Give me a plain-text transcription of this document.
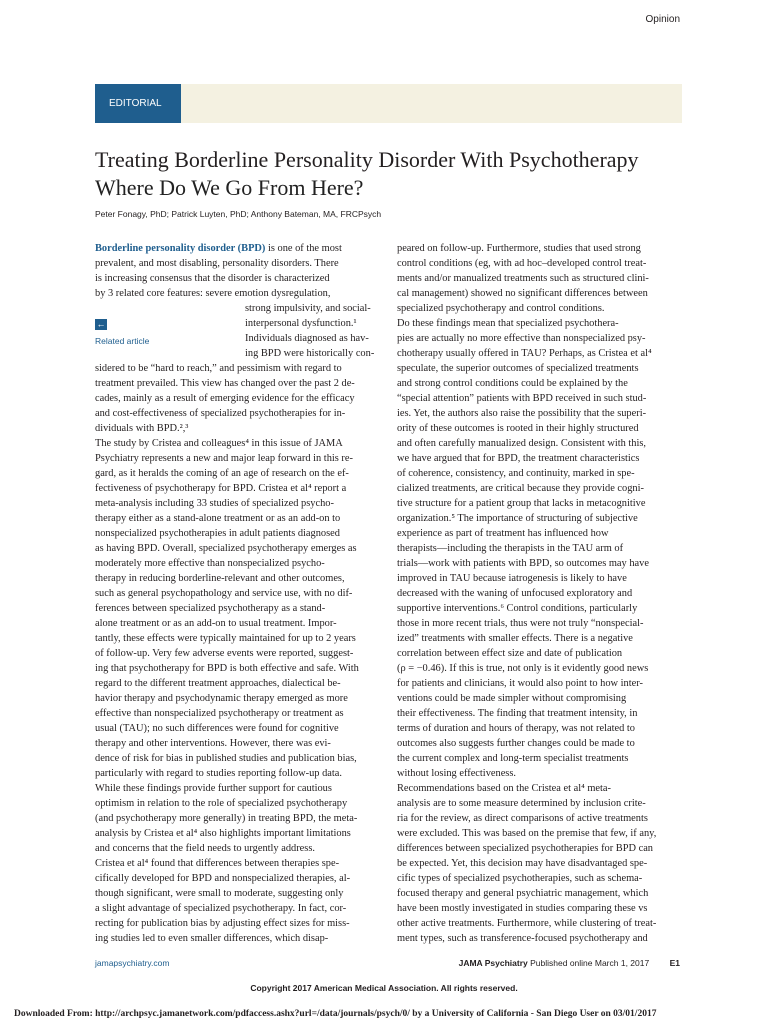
Opinion
EDITORIAL
Treating Borderline Personality Disorder With Psychotherapy
Where Do We Go From Here?
Peter Fonagy, PhD; Patrick Luyten, PhD; Anthony Bateman, MA, FRCPsych
←
Related article
Borderline personality disorder (BPD) is one of the most
prevalent, and most disabling, personality disorders. There
is increasing consensus that the disorder is characterized
by 3 related core features: severe emotion dysregulation,
strong impulsivity, and social-
interpersonal dysfunction.¹
Individuals diagnosed as hav-
ing BPD were historically con-
sidered to be “hard to reach,” and pessimism with regard to
treatment prevailed. This view has changed over the past 2 de-
cades, mainly as a result of emerging evidence for the efficacy
and cost-effectiveness of specialized psychotherapies for in-
dividuals with BPD.²,³
The study by Cristea and colleagues⁴ in this issue of JAMA
Psychiatry represents a new and major leap forward in this re-
gard, as it heralds the coming of an age of research on the ef-
fectiveness of psychotherapy for BPD. Cristea et al⁴ report a
meta-analysis including 33 studies of specialized psycho-
therapy either as a stand-alone treatment or as an add-on to
nonspecialized psychotherapies in adult patients diagnosed
as having BPD. Overall, specialized psychotherapy emerges as
moderately more effective than nonspecialized psycho-
therapy in reducing borderline-relevant and other outcomes,
such as general psychopathology and service use, with no dif-
ferences between specialized psychotherapy as a stand-
alone treatment or as an add-on to usual treatment. Impor-
tantly, these effects were typically maintained for up to 2 years
of follow-up. Very few adverse events were reported, suggest-
ing that psychotherapy for BPD is both effective and safe. With
regard to the different treatment approaches, dialectical be-
havior therapy and psychodynamic therapy emerged as more
effective than nonspecialized psychotherapy or treatment as
usual (TAU); no such differences were found for cognitive
therapy and other interventions. However, there was evi-
dence of risk for bias in published studies and publication bias,
particularly with regard to studies reporting follow-up data.
While these findings provide further support for cautious
optimism in relation to the role of specialized psychotherapy
(and psychotherapy more generally) in treating BPD, the meta-
analysis by Cristea et al⁴ also highlights important limitations
and concerns that the field needs to urgently address.
Cristea et al⁴ found that differences between therapies spe-
cifically developed for BPD and nonspecialized therapies, al-
though significant, were small to moderate, suggesting only
a slight advantage of specialized psychotherapy. In fact, cor-
recting for publication bias by adjusting effect sizes for miss-
ing studies led to even smaller differences, which disap-
peared on follow-up. Furthermore, studies that used strong
control conditions (eg, with ad hoc–developed control treat-
ments and/or manualized treatments such as structured clini-
cal management) showed no significant differences between
specialized psychotherapy and control conditions.
Do these findings mean that specialized psychothera-
pies are actually no more effective than nonspecialized psy-
chotherapy usually offered in TAU? Perhaps, as Cristea et al⁴
speculate, the superior outcomes of specialized treatments
and strong control conditions could be explained by the
“special attention” patients with BPD received in such stud-
ies. Yet, the authors also raise the possibility that the superi-
ority of these outcomes is rooted in their highly structured
and often carefully manualized design. Consistent with this,
we have argued that for BPD, the treatment characteristics
of coherence, consistency, and continuity, marked in spe-
cialized treatments, are critical because they provide cogni-
tive structure for a patient group that lacks in metacognitive
organization.⁵ The importance of structuring of subjective
experience as part of treatment has influenced how
therapists—including the therapists in the TAU arm of
trials—work with patients with BPD, so outcomes may have
improved in TAU because iatrogenesis is likely to have
decreased with the waning of unfocused exploratory and
supportive interventions.⁶ Control conditions, particularly
those in more recent trials, thus were not truly “nonspecial-
ized” treatments with smaller effects. There is a negative
correlation between effect size and date of publication
(ρ = −0.46). If this is true, not only is it evidently good news
for patients and clinicians, it would also point to how inter-
ventions could be made simpler without compromising
their effectiveness. The finding that treatment intensity, in
terms of duration and hours of therapy, was not related to
outcomes also suggests further changes could be made to
the current complex and long-term specialist treatments
without losing effectiveness.
Recommendations based on the Cristea et al⁴ meta-
analysis are to some measure determined by inclusion crite-
ria for the review, as direct comparisons of active treatments
were excluded. This was based on the premise that few, if any,
differences between specialized psychotherapies for BPD can
be expected. Yet, this decision may have disadvantaged spe-
cific types of specialized psychotherapies, such as schema-
focused therapy and general psychiatric management, which
have been mostly investigated in studies comparing these vs
other active treatments. Furthermore, while clustering of treat-
ment types, such as transference-focused psychotherapy and
jamapsychiatry.com	JAMA Psychiatry Published online March 1, 2017 E1
Copyright 2017 American Medical Association. All rights reserved.
Downloaded From: http://archpsyc.jamanetwork.com/pdfaccess.ashx?url=/data/journals/psych/0/ by a University of California - San Diego User on 03/01/2017
